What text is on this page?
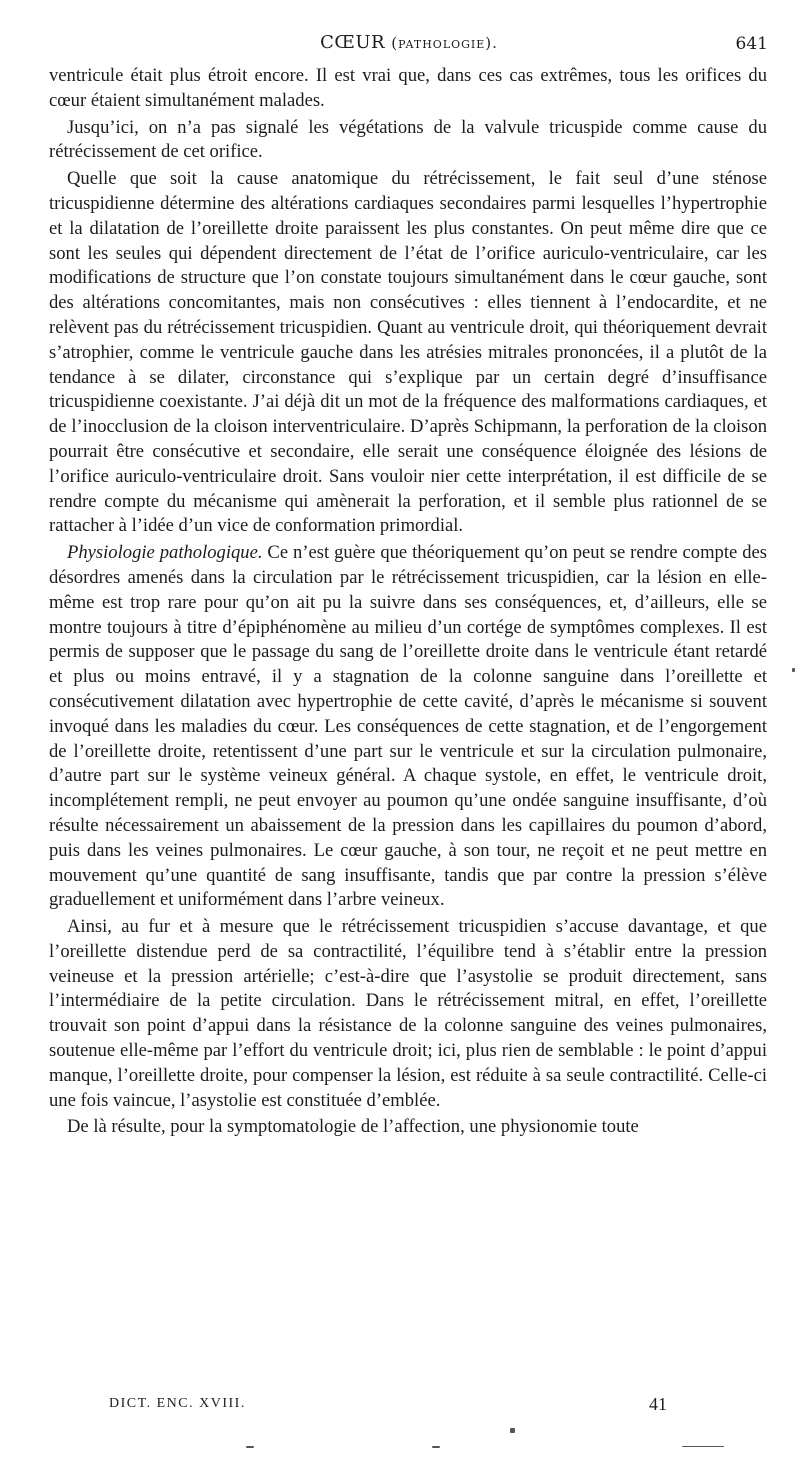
CŒUR (pathologie).	641

ventricule était plus étroit encore. Il est vrai que, dans ces cas extrêmes, tous les orifices du cœur étaient simultanément malades.

Jusqu’ici, on n’a pas signalé les végétations de la valvule tricuspide comme cause du rétrécissement de cet orifice.

Quelle que soit la cause anatomique du rétrécissement, le fait seul d’une sténose tricuspidienne détermine des altérations cardiaques secondaires parmi lesquelles l’hypertrophie et la dilatation de l’oreillette droite paraissent les plus constantes. On peut même dire que ce sont les seules qui dépendent directement de l’état de l’orifice auriculo-ventriculaire, car les modifications de structure que l’on constate toujours simultanément dans le cœur gauche, sont des altérations concomitantes, mais non consécutives : elles tiennent à l’endocardite, et ne relèvent pas du rétrécissement tricuspidien. Quant au ventricule droit, qui théoriquement devrait s’atrophier, comme le ventricule gauche dans les atrésies mitrales prononcées, il a plutôt de la tendance à se dilater, circonstance qui s’explique par un certain degré d’insuffisance tricuspidienne coexistante. J’ai déjà dit un mot de la fréquence des malformations cardiaques, et de l’inocclusion de la cloison interventriculaire. D’après Schipmann, la perforation de la cloison pourrait être consécutive et secondaire, elle serait une conséquence éloignée des lésions de l’orifice auriculo-ventriculaire droit. Sans vouloir nier cette interprétation, il est difficile de se rendre compte du mécanisme qui amènerait la perforation, et il semble plus rationnel de se rattacher à l’idée d’un vice de conformation primordial.

Physiologie pathologique. Ce n’est guère que théoriquement qu’on peut se rendre compte des désordres amenés dans la circulation par le rétrécissement tricuspidien, car la lésion en elle-même est trop rare pour qu’on ait pu la suivre dans ses conséquences, et, d’ailleurs, elle se montre toujours à titre d’épiphénomène au milieu d’un cortége de symptômes complexes. Il est permis de supposer que le passage du sang de l’oreillette droite dans le ventricule étant retardé et plus ou moins entravé, il y a stagnation de la colonne sanguine dans l’oreillette et consécutivement dilatation avec hypertrophie de cette cavité, d’après le mécanisme si souvent invoqué dans les maladies du cœur. Les conséquences de cette stagnation, et de l’engorgement de l’oreillette droite, retentissent d’une part sur le ventricule et sur la circulation pulmonaire, d’autre part sur le système veineux général. A chaque systole, en effet, le ventricule droit, incomplétement rempli, ne peut envoyer au poumon qu’une ondée sanguine insuffisante, d’où résulte nécessairement un abaissement de la pression dans les capillaires du poumon d’abord, puis dans les veines pulmonaires. Le cœur gauche, à son tour, ne reçoit et ne peut mettre en mouvement qu’une quantité de sang insuffisante, tandis que par contre la pression s’élève graduellement et uniformément dans l’arbre veineux.

Ainsi, au fur et à mesure que le rétrécissement tricuspidien s’accuse davantage, et que l’oreillette distendue perd de sa contractilité, l’équilibre tend à s’établir entre la pression veineuse et la pression artérielle; c’est-à-dire que l’asystolie se produit directement, sans l’intermédiaire de la petite circulation. Dans le rétrécissement mitral, en effet, l’oreillette trouvait son point d’appui dans la résistance de la colonne sanguine des veines pulmonaires, soutenue elle-même par l’effort du ventricule droit; ici, plus rien de semblable : le point d’appui manque, l’oreillette droite, pour compenser la lésion, est réduite à sa seule contractilité. Celle-ci une fois vaincue, l’asystolie est constituée d’emblée.

De là résulte, pour la symptomatologie de l’affection, une physionomie toute

DICT. ENC. XVIII.	41
